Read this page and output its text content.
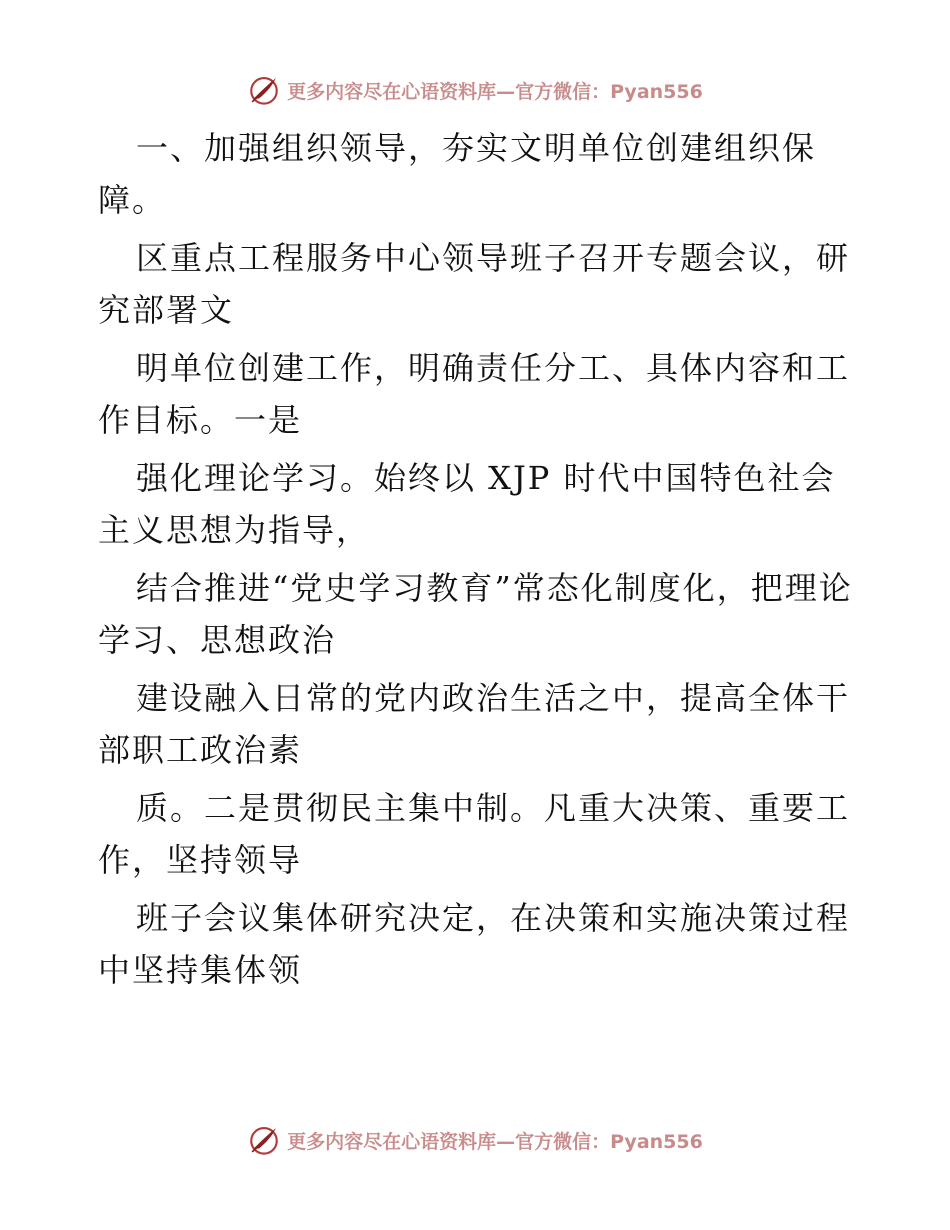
更多内容尽在心语资料库—官方微信：Pyan556

一、加强组织领导，夯实文明单位创建组织保障。

区重点工程服务中心领导班子召开专题会议，研究部署文

明单位创建工作，明确责任分工、具体内容和工作目标。一是

强化理论学习。始终以 XJP 时代中国特色社会主义思想为指导，

结合推进“党史学习教育”常态化制度化，把理论学习、思想政治

建设融入日常的党内政治生活之中，提高全体干部职工政治素

质。二是贯彻民主集中制。凡重大决策、重要工作，坚持领导

班子会议集体研究决定，在决策和实施决策过程中坚持集体领

更多内容尽在心语资料库—官方微信：Pyan556
